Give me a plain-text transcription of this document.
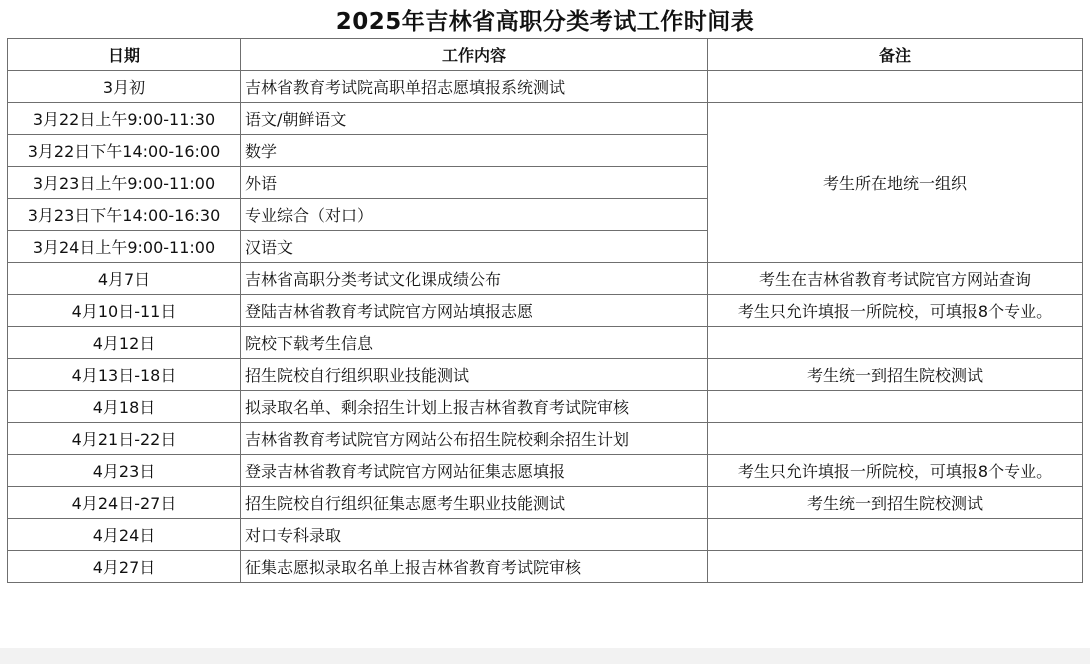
2025年吉林省高职分类考试工作时间表
日期	工作内容	备注
3月初	吉林省教育考试院高职单招志愿填报系统测试	
3月22日上午9:00-11:30	语文/朝鲜语文	考生所在地统一组织
3月22日下午14:00-16:00	数学	
3月23日上午9:00-11:00	外语	
3月23日下午14:00-16:30	专业综合（对口）	
3月24日上午9:00-11:00	汉语文	
4月7日	吉林省高职分类考试文化课成绩公布	考生在吉林省教育考试院官方网站查询
4月10日-11日	登陆吉林省教育考试院官方网站填报志愿	考生只允许填报一所院校，可填报8个专业。
4月12日	院校下载考生信息	
4月13日-18日	招生院校自行组织职业技能测试	考生统一到招生院校测试
4月18日	拟录取名单、剩余招生计划上报吉林省教育考试院审核	
4月21日-22日	吉林省教育考试院官方网站公布招生院校剩余招生计划	
4月23日	登录吉林省教育考试院官方网站征集志愿填报	考生只允许填报一所院校，可填报8个专业。
4月24日-27日	招生院校自行组织征集志愿考生职业技能测试	考生统一到招生院校测试
4月24日	对口专科录取	
4月27日	征集志愿拟录取名单上报吉林省教育考试院审核	
